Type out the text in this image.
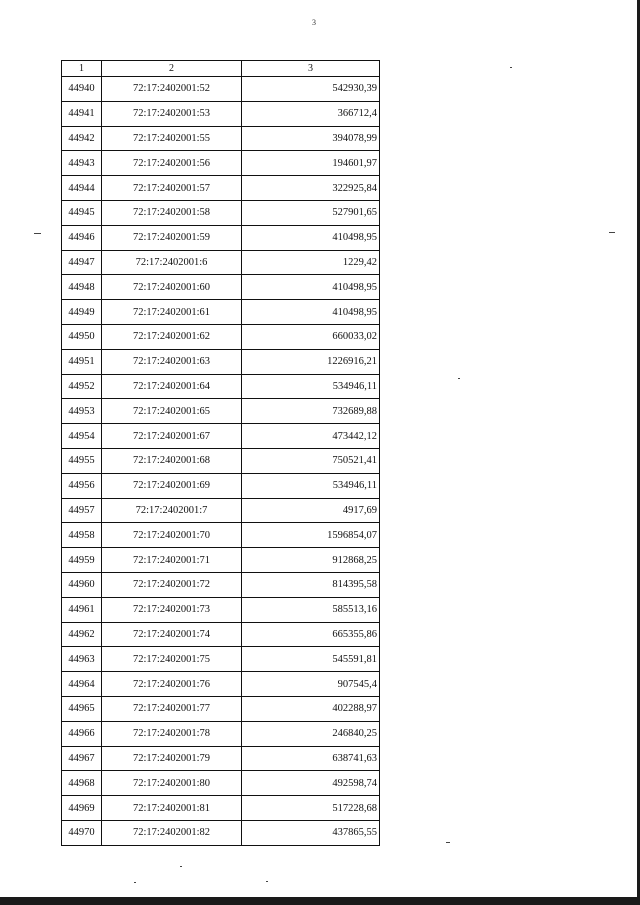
3
1	2	3
44940	72:17:2402001:52	542930,39
44941	72:17:2402001:53	366712,4
44942	72:17:2402001:55	394078,99
44943	72:17:2402001:56	194601,97
44944	72:17:2402001:57	322925,84
44945	72:17:2402001:58	527901,65
44946	72:17:2402001:59	410498,95
44947	72:17:2402001:6	1229,42
44948	72:17:2402001:60	410498,95
44949	72:17:2402001:61	410498,95
44950	72:17:2402001:62	660033,02
44951	72:17:2402001:63	1226916,21
44952	72:17:2402001:64	534946,11
44953	72:17:2402001:65	732689,88
44954	72:17:2402001:67	473442,12
44955	72:17:2402001:68	750521,41
44956	72:17:2402001:69	534946,11
44957	72:17:2402001:7	4917,69
44958	72:17:2402001:70	1596854,07
44959	72:17:2402001:71	912868,25
44960	72:17:2402001:72	814395,58
44961	72:17:2402001:73	585513,16
44962	72:17:2402001:74	665355,86
44963	72:17:2402001:75	545591,81
44964	72:17:2402001:76	907545,4
44965	72:17:2402001:77	402288,97
44966	72:17:2402001:78	246840,25
44967	72:17:2402001:79	638741,63
44968	72:17:2402001:80	492598,74
44969	72:17:2402001:81	517228,68
44970	72:17:2402001:82	437865,55
